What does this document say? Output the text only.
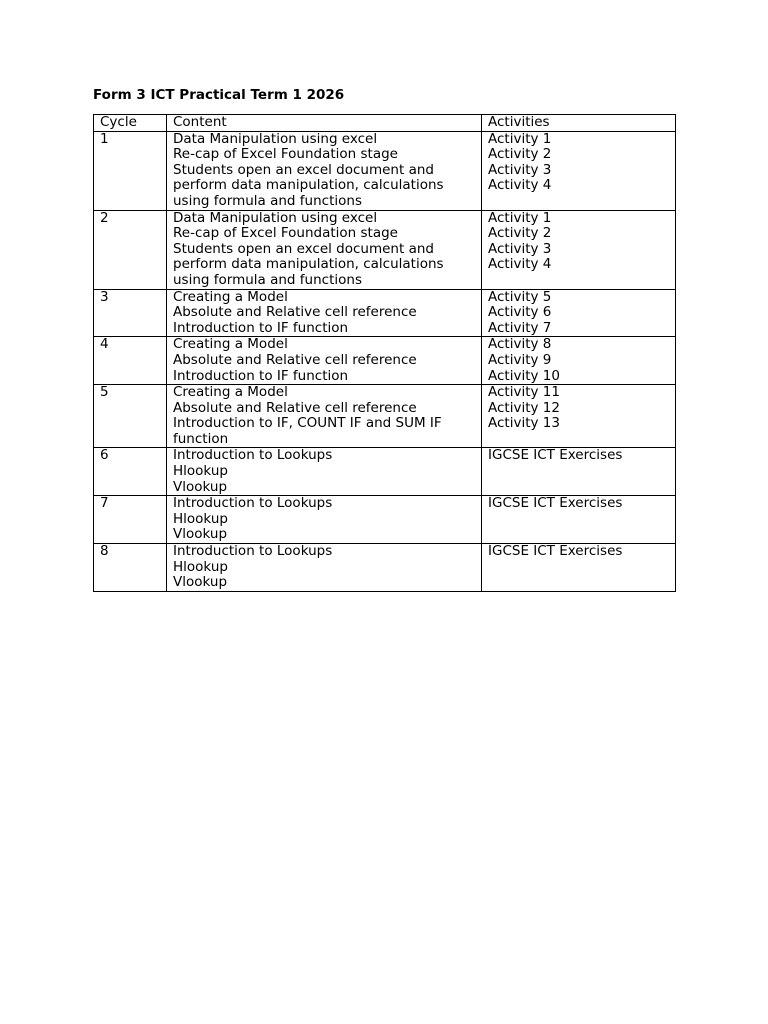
Form 3 ICT Practical Term 1 2026
Cycle	Content	Activities
1	Data Manipulation using excel
Re-cap of Excel Foundation stage
Students open an excel document and
perform data manipulation, calculations
using formula and functions	Activity 1
Activity 2
Activity 3
Activity 4

2	Data Manipulation using excel
Re-cap of Excel Foundation stage
Students open an excel document and
perform data manipulation, calculations
using formula and functions	Activity 1
Activity 2
Activity 3
Activity 4

3	Creating a Model
Absolute and Relative cell reference
Introduction to IF function	Activity 5
Activity 6
Activity 7

4	Creating a Model
Absolute and Relative cell reference
Introduction to IF function	Activity 8
Activity 9
Activity 10

5	Creating a Model
Absolute and Relative cell reference
Introduction to IF, COUNT IF and SUM IF
function	Activity 11
Activity 12
Activity 13

6	Introduction to Lookups
Hlookup
Vlookup	IGCSE ICT Exercises

7	Introduction to Lookups
Hlookup
Vlookup	IGCSE ICT Exercises

8	Introduction to Lookups
Hlookup
Vlookup	IGCSE ICT Exercises
